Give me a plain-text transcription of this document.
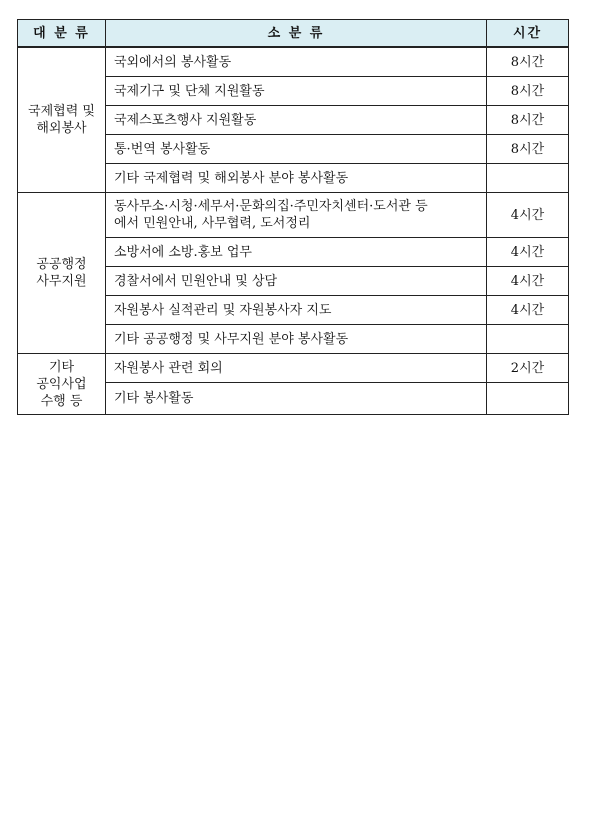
대 분 류	소 분 류	시간

국제협력 및
해외봉사	국외에서의 봉사활동	8시간
	국제기구 및 단체 지원활동	8시간
	국제스포츠행사 지원활동	8시간
	통·번역 봉사활동	8시간
	기타 국제협력 및 해외봉사 분야 봉사활동	

공공행정
사무지원	동사무소·시청·세무서·문화의집·주민자치센터·도서관 등
에서 민원안내, 사무협력, 도서정리	4시간
	소방서에 소방.홍보 업무	4시간
	경찰서에서 민원안내 및 상담	4시간
	자원봉사 실적관리 및 자원봉사자 지도	4시간
	기타 공공행정 및 사무지원 분야 봉사활동	

기타
공익사업
수행 등	자원봉사 관련 회의	2시간
	기타 봉사활동	
